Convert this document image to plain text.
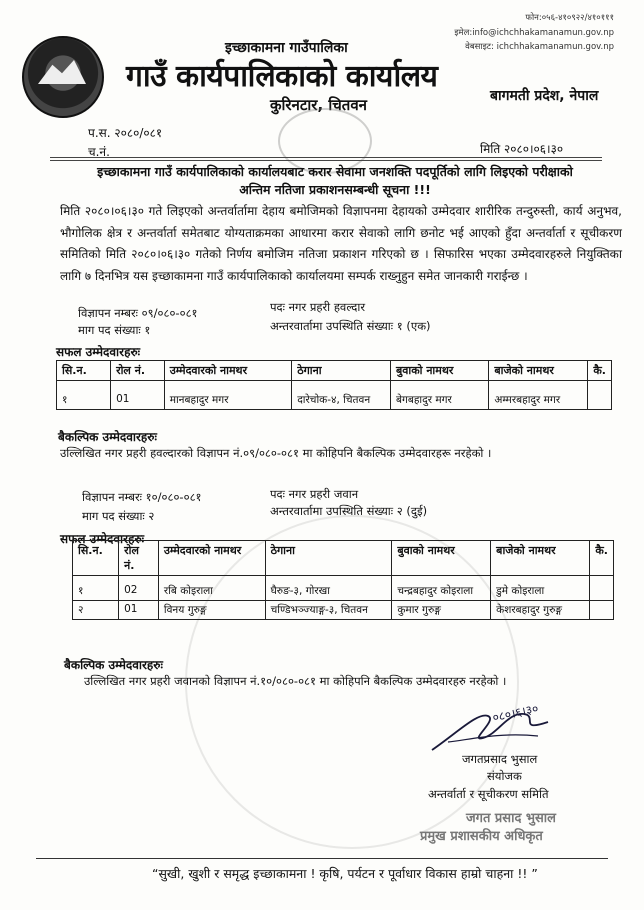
फोन:०५६-४१०९२२/४१०१११
इमेल:info@ichchhakamanamun.gov.np
वेबसाइट: ichchhakamanamun.gov.np
इच्छाकामना गाउँपालिका
गाउँ कार्यपालिकाको कार्यालय
कुरिनटार, चितवन	बागमती प्रदेश, नेपाल
प.स. २०८०/०८१
च.नं.	मिति २०८०।०६।३०
इच्छाकामना गाउँ कार्यपालिकाको कार्यालयबाट करार सेवामा जनशक्ति पदपूर्तिको लागि लिइएको परीक्षाको
अन्तिम नतिजा प्रकाशनसम्बन्धी सूचना !!!
मिति २०८०।०६।३० गते लिइएको अन्तर्वार्तामा देहाय बमोजिमको विज्ञापनमा देहायको उम्मेदवार शारीरिक तन्दुरुस्ती, कार्य अनुभव, भौगोलिक क्षेत्र र अन्तर्वार्ता समेतबाट योग्यताक्रमका आधारमा करार सेवाको लागि छनोट भई आएको हुँदा अन्तर्वार्ता र सूचीकरण समितिको मिति २०८०।०६।३० गतेको निर्णय बमोजिम नतिजा प्रकाशन गरिएको छ । सिफारिस भएका उम्मेदवारहरुले नियुक्तिका लागि ७ दिनभित्र यस इच्छाकामना गाउँ कार्यपालिकाको कार्यालयमा सम्पर्क राख्नुहुन समेत जानकारी गराईन्छ ।
विज्ञापन नम्बरः ०९/०८०-०८१	पदः नगर प्रहरी हवल्दार
माग पद संख्याः १	अन्तरवार्तामा उपस्थिति संख्याः १ (एक)
सफल उम्मेदवारहरुः
सि.न.	रोल नं.	उम्मेदवारको नामथर	ठेगाना	बुवाको नामथर	बाजेको नामथर	कै.
१	01	मानबहादुर मगर	दारेचोक-४, चितवन	बेगबहादुर मगर	अम्मरबहादुर मगर	
बैकल्पिक उम्मेदवारहरुः
उल्लिखित नगर प्रहरी हवल्दारको विज्ञापन नं.०९/०८०-०८१ मा कोहिपनि बैकल्पिक उम्मेदवारहरू नरहेको ।
विज्ञापन नम्बरः १०/०८०-०८१	पदः नगर प्रहरी जवान
माग पद संख्याः २	अन्तरवार्तामा उपस्थिति संख्याः २ (दुई)
सफल उम्मेदवारहरुः
सि.न.	रोल नं.	उम्मेदवारको नामथर	ठेगाना	बुवाको नामथर	बाजेको नामथर	कै.
१	02	रबि कोइराला	घैरुङ-३, गोरखा	चन्द्रबहादुर कोइराला	डुमे कोइराला	
२	01	विनय गुरुङ्ग	चण्डिभञ्ज्याङ्ग-३, चितवन	कुमार गुरुङ्ग	केशरबहादुर गुरुङ्ग	
बैकल्पिक उम्मेदवारहरुः
उल्लिखित नगर प्रहरी जवानको विज्ञापन नं.१०/०८०-०८१ मा कोहिपनि बैकल्पिक उम्मेदवारहरु नरहेको ।
०८०।६।३०
जगतप्रसाद भुसाल
संयोजक
अन्तर्वार्ता र सूचीकरण समिति
जगत प्रसाद भुसाल
प्रमुख प्रशासकीय अधिकृत
“सुखी, खुशी र समृद्ध इच्छाकामना ! कृषि, पर्यटन र पूर्वाधार विकास हाम्रो चाहना !! ”
